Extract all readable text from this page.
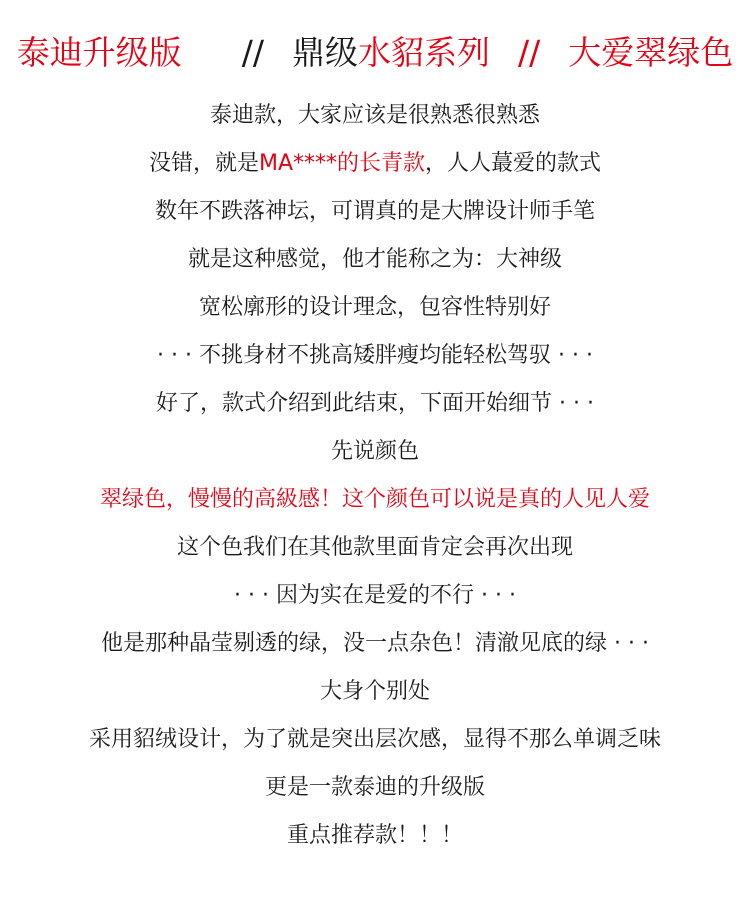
泰迪升级版 // 鼎级水貂系列 // 大爱翠绿色
泰迪款，大家应该是很熟悉很熟悉
没错，就是MA****的长青款，人人蕞爱的款式
数年不跌落神坛，可谓真的是大牌设计师手笔
就是这种感觉，他才能称之为：大神级
宽松廓形的设计理念，包容性特别好
· · · 不挑身材不挑高矮胖瘦均能轻松驾驭 · · ·
好了，款式介绍到此结束，下面开始细节 · · ·
先说颜色
翠绿色，慢慢的高級感！这个颜色可以说是真的人见人爱
这个色我们在其他款里面肯定会再次出现
· · · 因为实在是爱的不行 · · ·
他是那种晶莹剔透的绿，没一点杂色！清澈见底的绿 · · ·
大身个别处
采用貂绒设计，为了就是突出层次感，显得不那么单调乏味
更是一款泰迪的升级版
重点推荐款！！！
